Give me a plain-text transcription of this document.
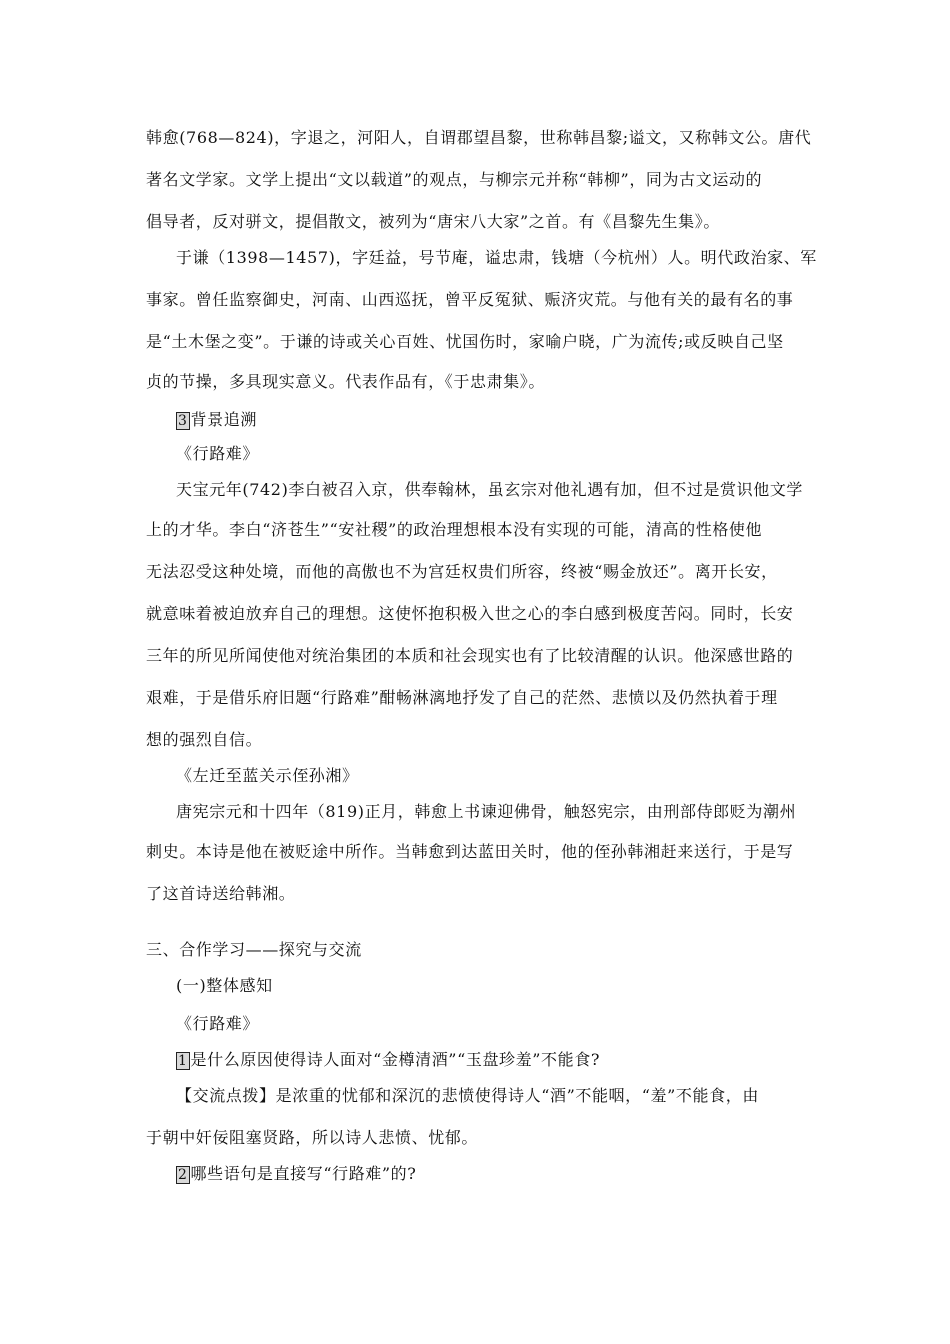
韩愈(768—824)，字退之，河阳人，自谓郡望昌黎，世称韩昌黎;谥文，又称韩文公。唐代
著名文学家。文学上提出“文以载道”的观点，与柳宗元并称“韩柳”，同为古文运动的
倡导者，反对骈文，提倡散文，被列为“唐宋八大家”之首。有《昌黎先生集》。
于谦（1398—1457)，字廷益，号节庵，谥忠肃，钱塘（今杭州）人。明代政治家、军
事家。曾任监察御史，河南、山西巡抚，曾平反冤狱、赈济灾荒。与他有关的最有名的事
是“土木堡之变”。于谦的诗或关心百姓、忧国伤时，家喻户晓，广为流传;或反映自己坚
贞的节操，多具现实意义。代表作品有，《于忠肃集》。
3 背景追溯
《行路难》
天宝元年(742)李白被召入京，供奉翰林，虽玄宗对他礼遇有加，但不过是赏识他文学
上的才华。李白“济苍生”“安社稷”的政治理想根本没有实现的可能，清高的性格使他
无法忍受这种处境，而他的高傲也不为宫廷权贵们所容，终被“赐金放还”。离开长安，
就意味着被迫放弃自己的理想。这使怀抱积极入世之心的李白感到极度苦闷。同时，长安
三年的所见所闻使他对统治集团的本质和社会现实也有了比较清醒的认识。他深感世路的
艰难，于是借乐府旧题“行路难”酣畅淋漓地抒发了自己的茫然、悲愤以及仍然执着于理
想的强烈自信。
《左迁至蓝关示侄孙湘》
唐宪宗元和十四年（819)正月，韩愈上书谏迎佛骨，触怒宪宗，由刑部侍郎贬为潮州
刺史。本诗是他在被贬途中所作。当韩愈到达蓝田关时，他的侄孙韩湘赶来送行，于是写
了这首诗送给韩湘。
三、合作学习——探究与交流
(一)整体感知
《行路难》
1 是什么原因使得诗人面对“金樽清酒”“玉盘珍羞”不能食?
【交流点拨】是浓重的忧郁和深沉的悲愤使得诗人“酒”不能咽，“羞”不能食，由
于朝中奸佞阻塞贤路，所以诗人悲愤、忧郁。
2 哪些语句是直接写“行路难”的?
